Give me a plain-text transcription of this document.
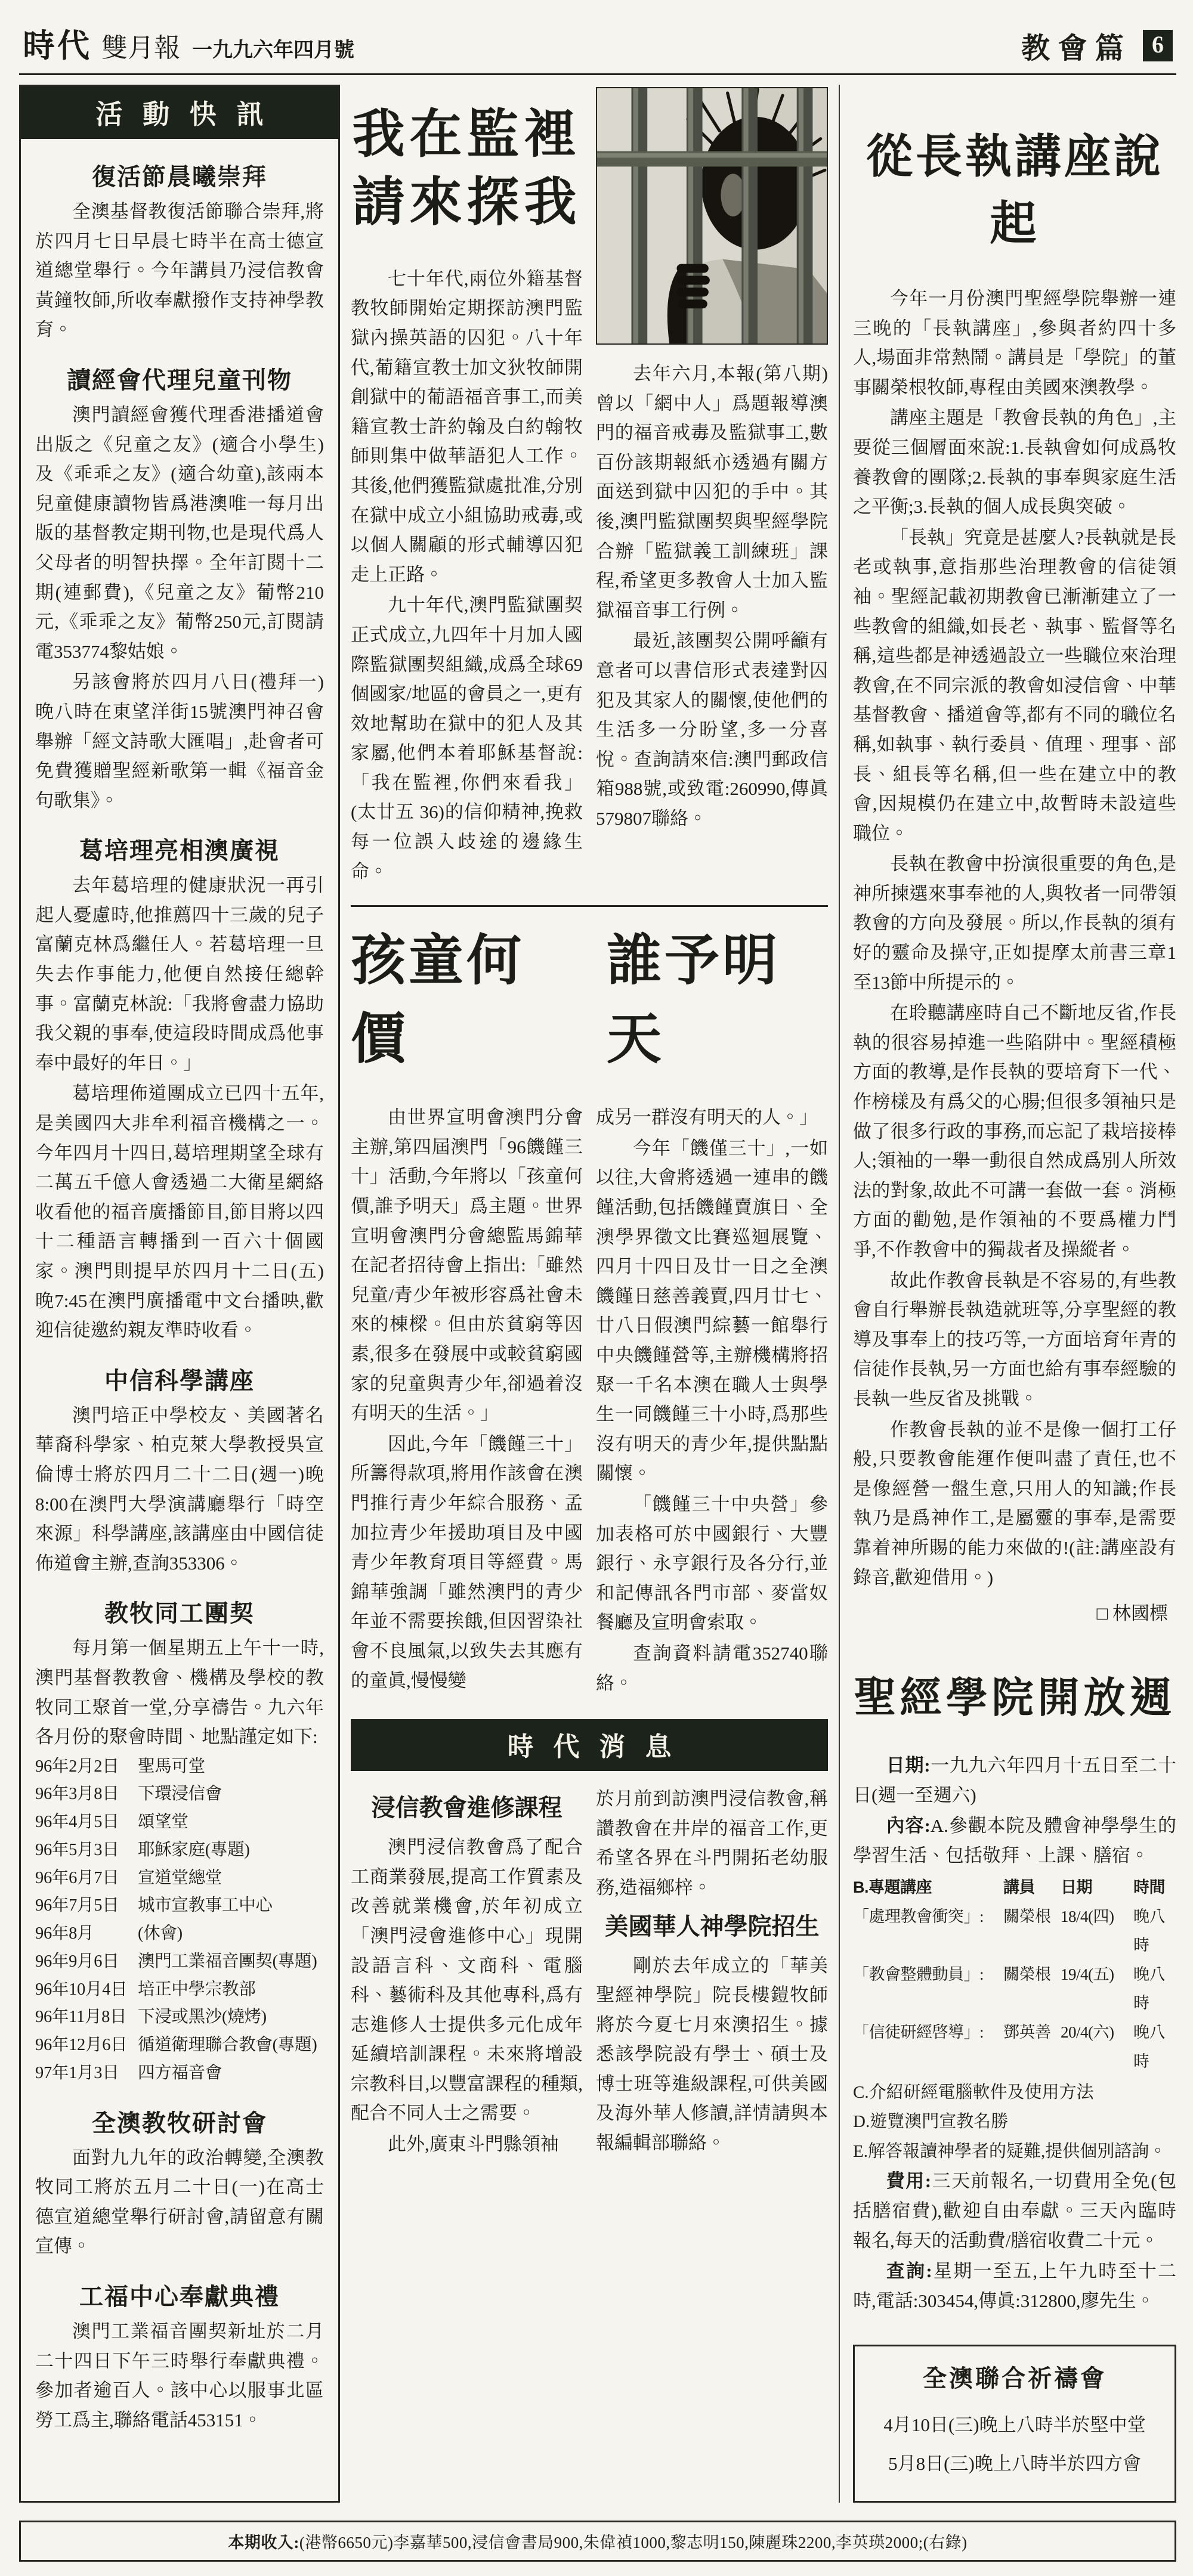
時代 雙月報 一九九六年四月號	教會篇 6
活動快訊
復活節晨曦崇拜

全澳基督教復活節聯合崇拜,將於四月七日早晨七時半在高士德宣道總堂舉行。今年講員乃浸信教會黃鐘牧師,所收奉獻撥作支持神學教育。

讀經會代理兒童刊物

澳門讀經會獲代理香港播道會出版之《兒童之友》(適合小學生)及《乖乖之友》(適合幼童),該兩本兒童健康讀物皆爲港澳唯一每月出版的基督教定期刊物,也是現代爲人父母者的明智抉擇。全年訂閱十二期(連郵費),《兒童之友》葡幣210元,《乖乖之友》葡幣250元,訂閱請電353774黎姑娘。

另該會將於四月八日(禮拜一)晚八時在東望洋街15號澳門神召會舉辦「經文詩歌大匯唱」,赴會者可免費獲贈聖經新歌第一輯《福音金句歌集》。

葛培理亮相澳廣視

去年葛培理的健康狀況一再引起人憂慮時,他推薦四十三歲的兒子富蘭克林爲繼任人。若葛培理一旦失去作事能力,他便自然接任總幹事。富蘭克林說:「我將會盡力協助我父親的事奉,使這段時間成爲他事奉中最好的年日。」

葛培理佈道團成立已四十五年,是美國四大非牟利福音機構之一。今年四月十四日,葛培理期望全球有二萬五千億人會透過二大衛星網絡收看他的福音廣播節目,節目將以四十二種語言轉播到一百六十個國家。澳門則提早於四月十二日(五)晚7:45在澳門廣播電中文台播映,歡迎信徒邀約親友準時收看。

中信科學講座

澳門培正中學校友、美國著名華裔科學家、柏克萊大學教授吳宣倫博士將於四月二十二日(週一)晚8:00在澳門大學演講廳舉行「時空來源」科學講座,該講座由中國信徒佈道會主辦,查詢353306。

教牧同工團契

每月第一個星期五上午十一時,澳門基督教教會、機構及學校的教牧同工聚首一堂,分享禱告。九六年各月份的聚會時間、地點謹定如下:

96年2月2日	聖馬可堂
96年3月8日	下環浸信會
96年4月5日	頌望堂
96年5月3日	耶穌家庭(專題)
96年6月7日	宣道堂總堂
96年7月5日	城市宣教事工中心
96年8月	(休會)
96年9月6日	澳門工業福音團契(專題)
96年10月4日 培正中學宗教部
96年11月8日 下浸或黑沙(燒烤)
96年12月6日 循道衛理聯合教會(專題)
97年1月3日	四方福音會
全澳教牧研討會

面對九九年的政治轉變,全澳教牧同工將於五月二十日(一)在高士德宣道總堂舉行研討會,請留意有關宣傳。

工福中心奉獻典禮

澳門工業福音團契新址於二月二十四日下午三時舉行奉獻典禮。參加者逾百人。該中心以服事北區勞工爲主,聯絡電話453151。

我在監裡
請來探我

七十年代,兩位外籍基督教牧師開始定期探訪澳門監獄內操英語的囚犯。八十年代,葡籍宣教士加文狄牧師開創獄中的葡語福音事工,而美籍宣教士許約翰及白約翰牧師則集中做華語犯人工作。其後,他們獲監獄處批准,分別在獄中成立小組協助戒毒,或以個人關顧的形式輔導囚犯走上正路。

九十年代,澳門監獄團契正式成立,九四年十月加入國際監獄團契組織,成爲全球69個國家/地區的會員之一,更有效地幫助在獄中的犯人及其家屬,他們本着耶穌基督說:「我在監裡,你們來看我」(太廿五 36)的信仰精神,挽救每一位誤入歧途的邊緣生命。

去年六月,本報(第八期)曾以「網中人」爲題報導澳門的福音戒毒及監獄事工,數百份該期報紙亦透過有關方面送到獄中囚犯的手中。其後,澳門監獄團契與聖經學院合辦「監獄義工訓練班」課程,希望更多教會人士加入監獄福音事工行例。

最近,該團契公開呼籲有意者可以書信形式表達對囚犯及其家人的關懷,使他們的生活多一分盼望,多一分喜悅。查詢請來信:澳門郵政信箱988號,或致電:260990,傳眞579807聯絡。

孩童何價
誰予明天

由世界宣明會澳門分會主辦,第四屆澳門「96饑饉三十」活動,今年將以「孩童何價,誰予明天」爲主題。世界宣明會澳門分會總監馬錦華在記者招待會上指出:「雖然兒童/青少年被形容爲社會未來的棟樑。但由於貧窮等因素,很多在發展中或較貧窮國家的兒童與青少年,卻過着沒有明天的生活。」

因此,今年「饑饉三十」所籌得款項,將用作該會在澳門推行青少年綜合服務、孟加拉青少年援助項目及中國青少年教育項目等經費。馬錦華強調「雖然澳門的青少年並不需要挨餓,但因習染社會不良風氣,以致失去其應有的童眞,慢慢變

成另一群沒有明天的人。」

今年「饑僅三十」,一如以往,大會將透過一連串的饑饉活動,包括饑饉賣旗日、全澳學界徵文比賽巡迴展覽、四月十四日及廿一日之全澳饑饉日慈善義賣,四月廿七、廿八日假澳門綜藝一館舉行中央饑饉營等,主辦機構將招聚一千名本澳在職人士與學生一同饑饉三十小時,爲那些沒有明天的青少年,提供點點關懷。

「饑饉三十中央營」參加表格可於中國銀行、大豐銀行、永亨銀行及各分行,並和記傳訊各門市部、麥當奴餐廳及宣明會索取。

查詢資料請電352740聯絡。

時代消息
浸信教會進修課程

澳門浸信教會爲了配合工商業發展,提高工作質素及改善就業機會,於年初成立「澳門浸會進修中心」現開設語言科、文商科、電腦科、藝術科及其他專科,爲有志進修人士提供多元化成年延續培訓課程。未來將增設宗教科目,以豐富課程的種類,配合不同人士之需要。

此外,廣東斗門縣領袖

於月前到訪澳門浸信教會,稱讚教會在井岸的福音工作,更希望各界在斗門開拓老幼服務,造福鄉梓。

美國華人神學院招生

剛於去年成立的「華美聖經神學院」院長樓鎧牧師將於今夏七月來澳招生。據悉該學院設有學士、碩士及博士班等進級課程,可供美國及海外華人修讀,詳情請與本報編輯部聯絡。

從長執講座說起

今年一月份澳門聖經學院舉辦一連三晚的「長執講座」,參與者約四十多人,場面非常熱鬧。講員是「學院」的董事關榮根牧師,專程由美國來澳教學。

講座主題是「教會長執的角色」,主要從三個層面來說:1.長執會如何成爲牧養教會的團隊;2.長執的事奉與家庭生活之平衡;3.長執的個人成長與突破。

「長執」究竟是甚麼人?長執就是長老或執事,意指那些治理教會的信徒領袖。聖經記載初期教會已漸漸建立了一些教會的組織,如長老、執事、監督等名稱,這些都是神透過設立一些職位來治理教會,在不同宗派的教會如浸信會、中華基督教會、播道會等,都有不同的職位名稱,如執事、執行委員、值理、理事、部長、組長等名稱,但一些在建立中的教會,因規模仍在建立中,故暫時未設這些職位。

長執在教會中扮演很重要的角色,是神所揀選來事奉祂的人,與牧者一同帶領教會的方向及發展。所以,作長執的須有好的靈命及操守,正如提摩太前書三章1至13節中所提示的。

在聆聽講座時自己不斷地反省,作長執的很容易掉進一些陷阱中。聖經積極方面的教導,是作長執的要培育下一代、作榜樣及有爲父的心腸;但很多領袖只是做了很多行政的事務,而忘記了栽培接棒人;領袖的一舉一動很自然成爲別人所效法的對象,故此不可講一套做一套。消極方面的勸勉,是作領袖的不要爲權力鬥爭,不作教會中的獨裁者及操縱者。

故此作教會長執是不容易的,有些教會自行舉辦長執造就班等,分享聖經的教導及事奉上的技巧等,一方面培育年青的信徒作長執,另一方面也給有事奉經驗的長執一些反省及挑戰。

作教會長執的並不是像一個打工仔般,只要教會能運作便叫盡了責任,也不是像經營一盤生意,只用人的知識;作長執乃是爲神作工,是屬靈的事奉,是需要靠着神所賜的能力來做的!(註:講座設有錄音,歡迎借用。)

□ 林國標
聖經學院開放週

日期:一九九六年四月十五日至二十日(週一至週六)

內容:A.參觀本院及體會神學學生的學習生活、包括敬拜、上課、膳宿。

B.專題講座	講員	日期	時間
「處理教會衝突」:	關榮根 18/4(四)	晚八時
「教會整體動員」:	關榮根 19/4(五)	晚八時
「信徒研經啓導」:	鄧英善 20/4(六)	晚八時

C.介紹研經電腦軟件及使用方法

D.遊覽澳門宣教名勝

E.解答報讀神學者的疑難,提供個別諮詢。

費用:三天前報名,一切費用全免(包括膳宿費),歡迎自由奉獻。三天內臨時報名,每天的活動費/膳宿收費二十元。

查詢:星期一至五,上午九時至十二時,電話:303454,傳眞:312800,廖先生。

全澳聯合祈禱會
4月10日(三)晚上八時半於堅中堂
5月8日(三)晚上八時半於四方會
本期收入:(港幣6650元)李嘉華500,浸信會書局900,朱偉禎1000,黎志明150,陳麗珠2200,李英瑛2000;(右錄)
